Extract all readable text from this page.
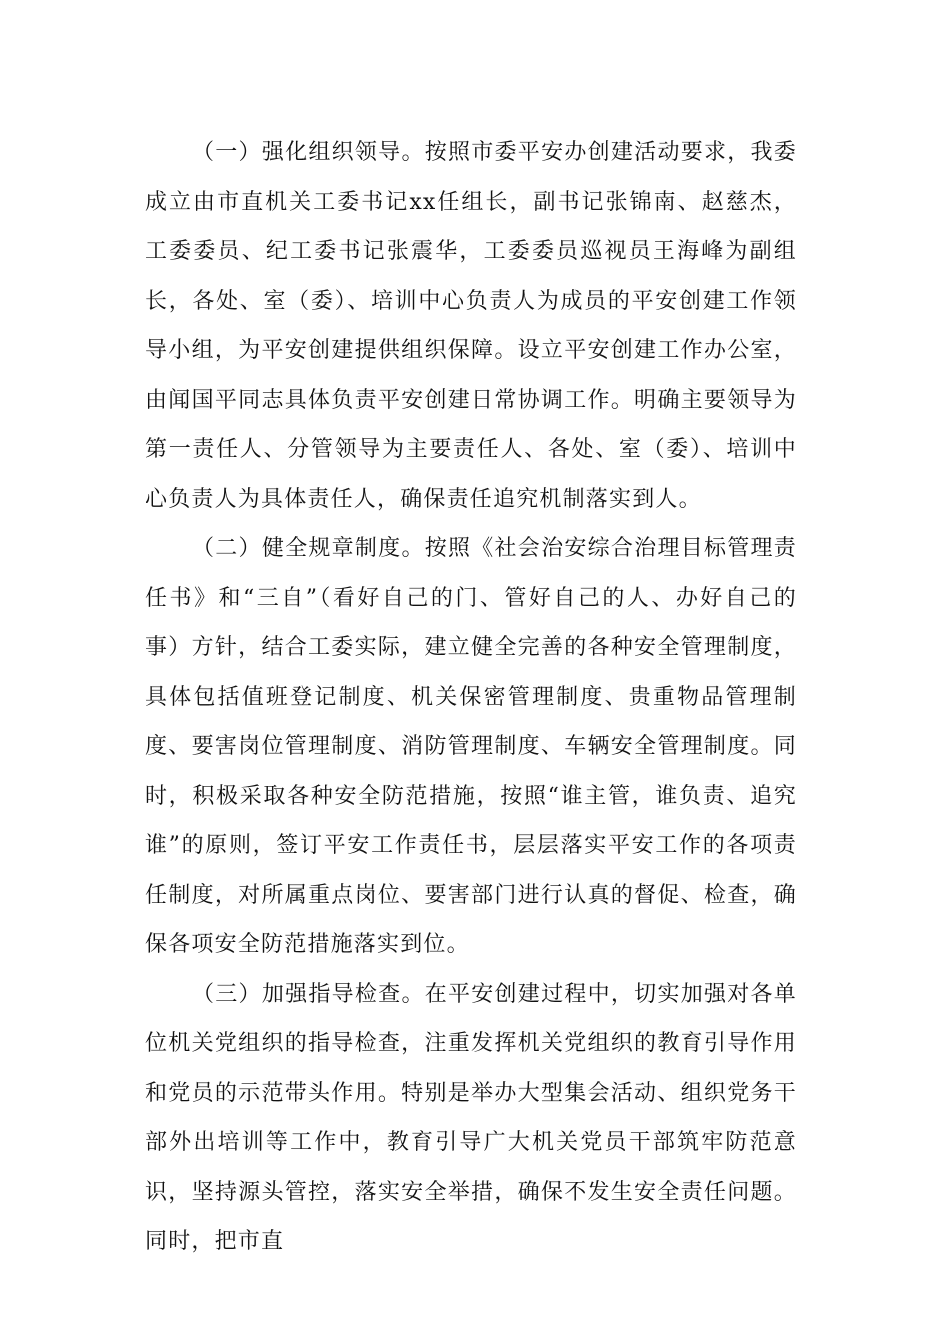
（一）强化组织领导。按照市委平安办创建活动要求，我委成立由市直机关工委书记xx任组长，副书记张锦南、赵慈杰，工委委员、纪工委书记张震华，工委委员巡视员王海峰为副组长，各处、室（委）、培训中心负责人为成员的平安创建工作领导小组，为平安创建提供组织保障。设立平安创建工作办公室，由闻国平同志具体负责平安创建日常协调工作。明确主要领导为第一责任人、分管领导为主要责任人、各处、室（委）、培训中心负责人为具体责任人，确保责任追究机制落实到人。

（二）健全规章制度。按照《社会治安综合治理目标管理责任书》和“三自”（看好自己的门、管好自己的人、办好自己的事）方针，结合工委实际，建立健全完善的各种安全管理制度，具体包括值班登记制度、机关保密管理制度、贵重物品管理制度、要害岗位管理制度、消防管理制度、车辆安全管理制度。同时，积极采取各种安全防范措施，按照“谁主管，谁负责、追究谁”的原则，签订平安工作责任书，层层落实平安工作的各项责任制度，对所属重点岗位、要害部门进行认真的督促、检查，确保各项安全防范措施落实到位。

（三）加强指导检查。在平安创建过程中，切实加强对各单位机关党组织的指导检查，注重发挥机关党组织的教育引导作用和党员的示范带头作用。特别是举办大型集会活动、组织党务干部外出培训等工作中，教育引导广大机关党员干部筑牢防范意识，坚持源头管控，落实安全举措，确保不发生安全责任问题。同时，把市直
